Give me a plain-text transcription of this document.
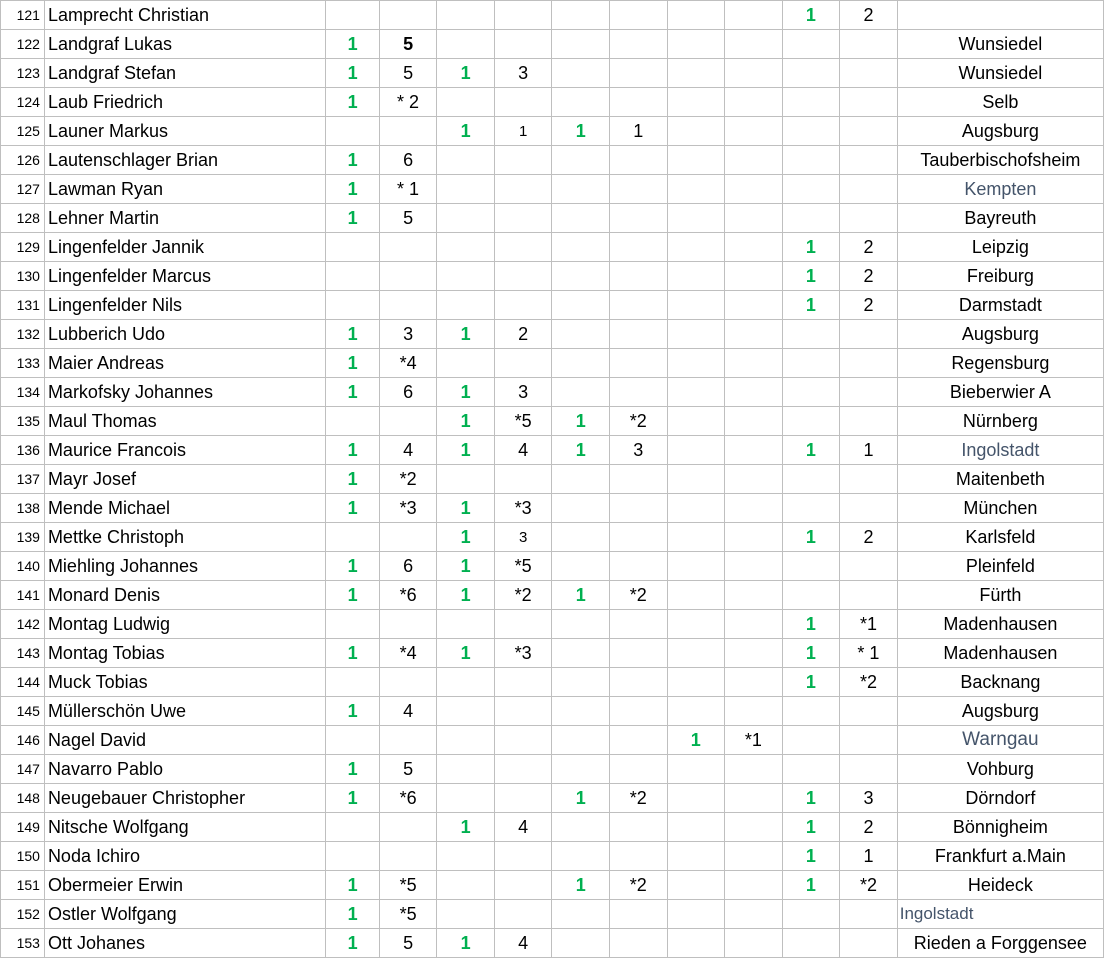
121	Lamprecht Christian									1	2	
122	Landgraf Lukas	1	5									Wunsiedel
123	Landgraf Stefan	1	5	1	3							Wunsiedel
124	Laub Friedrich	1	* 2									Selb
125	Launer Markus			1	1	1	1					Augsburg
126	Lautenschlager Brian	1	6									Tauberbischofsheim
127	Lawman Ryan	1	* 1									Kempten
128	Lehner Martin	1	5									Bayreuth
129	Lingenfelder Jannik									1	2	Leipzig
130	Lingenfelder Marcus									1	2	Freiburg
131	Lingenfelder Nils									1	2	Darmstadt
132	Lubberich Udo	1	3	1	2							Augsburg
133	Maier Andreas	1	*4									Regensburg
134	Markofsky Johannes	1	6	1	3							Bieberwier A
135	Maul Thomas			1	*5	1	*2					Nürnberg
136	Maurice Francois	1	4	1	4	1	3			1	1	Ingolstadt
137	Mayr Josef	1	*2									Maitenbeth
138	Mende Michael	1	*3	1	*3							München
139	Mettke Christoph			1	3					1	2	Karlsfeld
140	Miehling Johannes	1	6	1	*5							Pleinfeld
141	Monard Denis	1	*6	1	*2	1	*2					Fürth
142	Montag Ludwig									1	*1	Madenhausen
143	Montag Tobias	1	*4	1	*3					1	* 1	Madenhausen
144	Muck Tobias									1	*2	Backnang
145	Müllerschön Uwe	1	4									Augsburg
146	Nagel David							1	*1			Warngau
147	Navarro Pablo	1	5									Vohburg
148	Neugebauer Christopher	1	*6			1	*2			1	3	Dörndorf
149	Nitsche Wolfgang			1	4					1	2	Bönnigheim
150	Noda Ichiro									1	1	Frankfurt a.Main
151	Obermeier Erwin	1	*5			1	*2			1	*2	Heideck
152	Ostler Wolfgang	1	*5									Ingolstadt
153	Ott Johanes	1	5	1	4							Rieden a Forggensee
